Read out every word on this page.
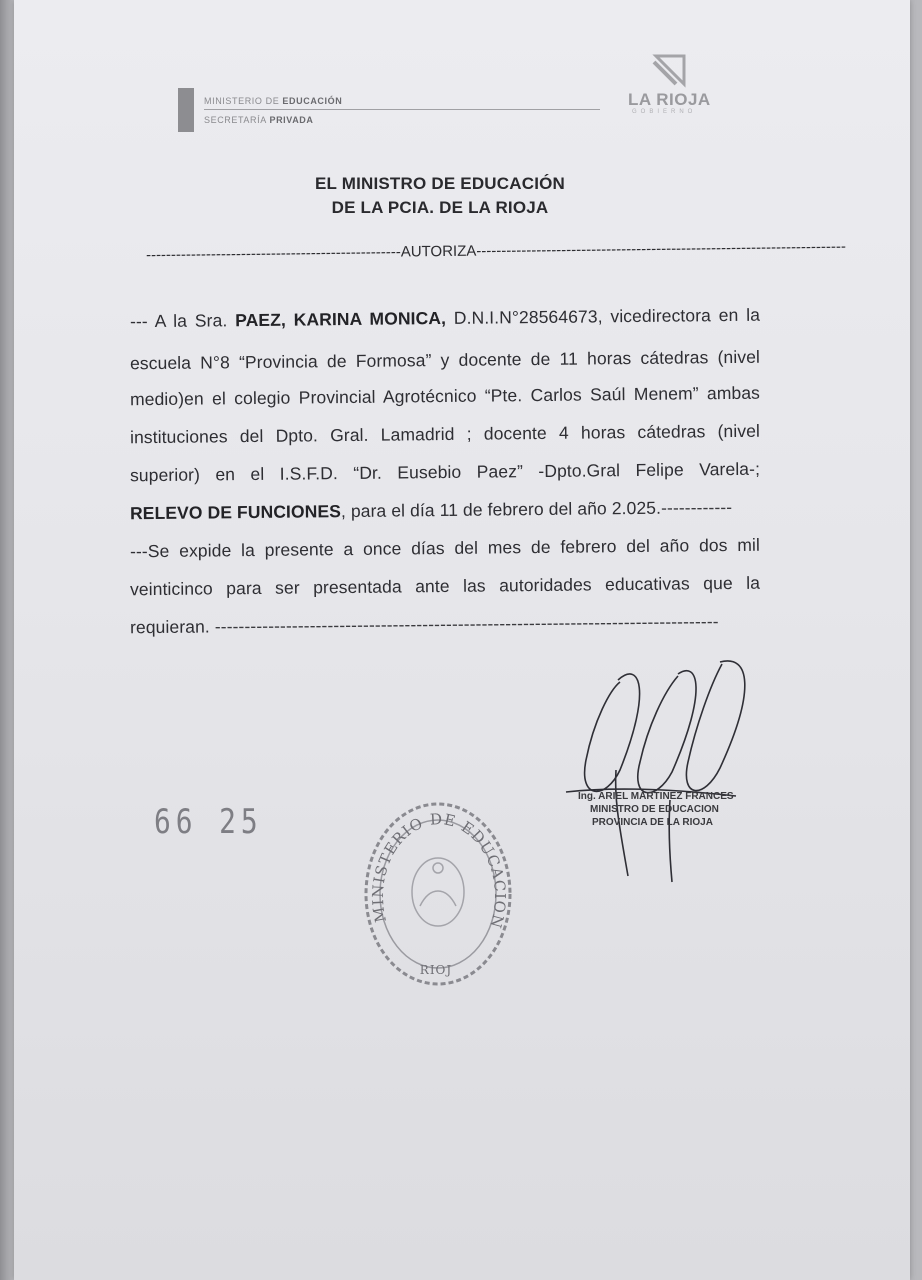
MINISTERIO DE EDUCACIÓN
SECRETARÍA PRIVADA
LA RIOJA
GOBIERNO
EL MINISTRO DE EDUCACIÓN
DE LA PCIA. DE LA RIOJA
---------------------------------------------------AUTORIZA--------------------------------------------------------------------------
--- A la Sra. PAEZ, KARINA MONICA, D.N.I.N°28564673, vicedirectora en la
escuela N°8 “Provincia de Formosa” y docente de 11 horas cátedras (nivel
medio)en el colegio Provincial Agrotécnico “Pte. Carlos Saúl Menem” ambas
instituciones del Dpto. Gral. Lamadrid ; docente 4 horas cátedras (nivel
superior) en el I.S.F.D. “Dr. Eusebio Paez” -Dpto.Gral Felipe Varela-;
RELEVO DE FUNCIONES, para el día 11 de febrero del año 2.025.------------
---Se expide la presente a once días del mes de febrero del año dos mil
veinticinco para ser presentada ante las autoridades educativas que la
requieran. -------------------------------------------------------------------------------------
66 25
Ing. ARIEL MARTINEZ FRANCES
MINISTRO DE EDUCACION
PROVINCIA DE LA RIOJA
MINISTERIO DE EDUCACION
RIOJ
